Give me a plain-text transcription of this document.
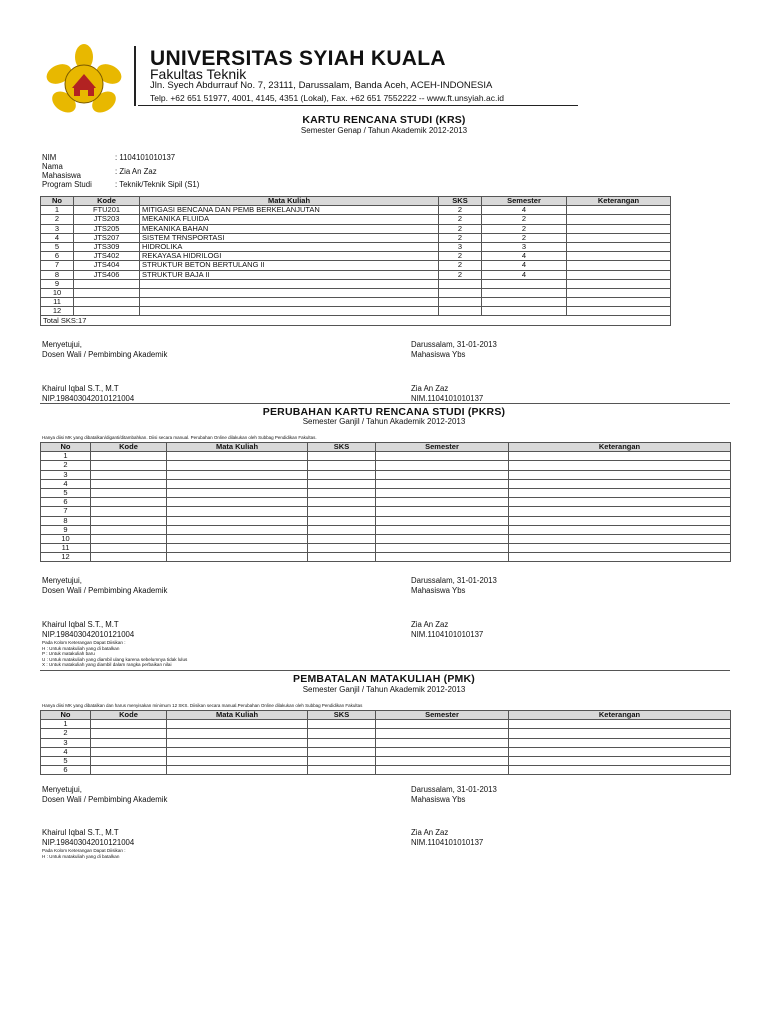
UNIVERSITAS SYIAH KUALA
Fakultas Teknik
Jln. Syech Abdurrauf No. 7, 23111, Darussalam, Banda Aceh, ACEH-INDONESIA
Telp. +62 651 51977, 4001, 4145, 4351 (Lokal), Fax. +62 651 7552222 -- www.ft.unsyiah.ac.id
KARTU RENCANA STUDI (KRS)
Semester Genap / Tahun Akademik 2012-2013
NIM	: 1104101010137
Nama
Mahasiswa	: Zia An Zaz
Program Studi	: Teknik/Teknik Sipil (S1)
No	Kode	Mata Kuliah	SKS	Semester	Keterangan
1	FTU201	MITIGASI BENCANA DAN PEMB BERKELANJUTAN	2	4	
2	JTS203	MEKANIKA FLUIDA	2	2	
3	JTS205	MEKANIKA BAHAN	2	2	
4	JTS207	SISTEM TRNSPORTASI	2	2	
5	JTS309	HIDROLIKA	3	3	
6	JTS402	REKAYASA HIDRILOGI	2	4	
7	JTS404	STRUKTUR BETON BERTULANG II	2	4	
8	JTS406	STRUKTUR BAJA II	2	4	
9					
10					
11					
12					
Total SKS:17					
Menyetujui,
Dosen Wali / Pembimbing Akademik
Darussalam, 31-01-2013
Mahasiswa Ybs
Khairul Iqbal S.T., M.T
NIP.198403042010121004
Zia An Zaz
NIM.1104101010137
PERUBAHAN KARTU RENCANA STUDI (PKRS)
Semester Ganjil / Tahun Akademik 2012-2013
Hanya diisi MK yang dibatalkan/diganti/ditambahkan. Diisi secara manual. Perubahan Online dilakukan oleh Subbag Pendidikan Fakultas.
No	Kode	Mata Kuliah	SKS	Semester	Keterangan
1					
2					
3					
4					
5					
6					
7					
8					
9					
10					
11					
12					
Menyetujui,
Dosen Wali / Pembimbing Akademik
Darussalam, 31-01-2013
Mahasiswa Ybs
Khairul Iqbal S.T., M.T
NIP.198403042010121004
Zia An Zaz
NIM.1104101010137
Pada Kolom Keterangan Dapat Diisikan :
H : Untuk matakuliah yang di batalkan
P : Untuk matakuliah baru
U : Untuk matakuliah yang diambil ulang karena sebelumnya tidak lulus
X : Untuk matakuliah yang diambil dalam rangka perbaikan nilai
PEMBATALAN MATAKULIAH (PMK)
Semester Ganjil / Tahun Akademik 2012-2013
Hanya diisi MK yang dibatalkan dan harus menyisakan minimum 12 SKS. Diisikan secara manual.Perubahan Online dilakukan oleh Subbag Pendidikan Fakultas
No	Kode	Mata Kuliah	SKS	Semester	Keterangan
1					
2					
3					
4					
5					
6					
Menyetujui,
Dosen Wali / Pembimbing Akademik
Darussalam, 31-01-2013
Mahasiswa Ybs
Khairul Iqbal S.T., M.T
NIP.198403042010121004
Zia An Zaz
NIM.1104101010137
Pada Kolom Keterangan Dapat Diisikan :
H : Untuk matakuliah yang di batalkan
